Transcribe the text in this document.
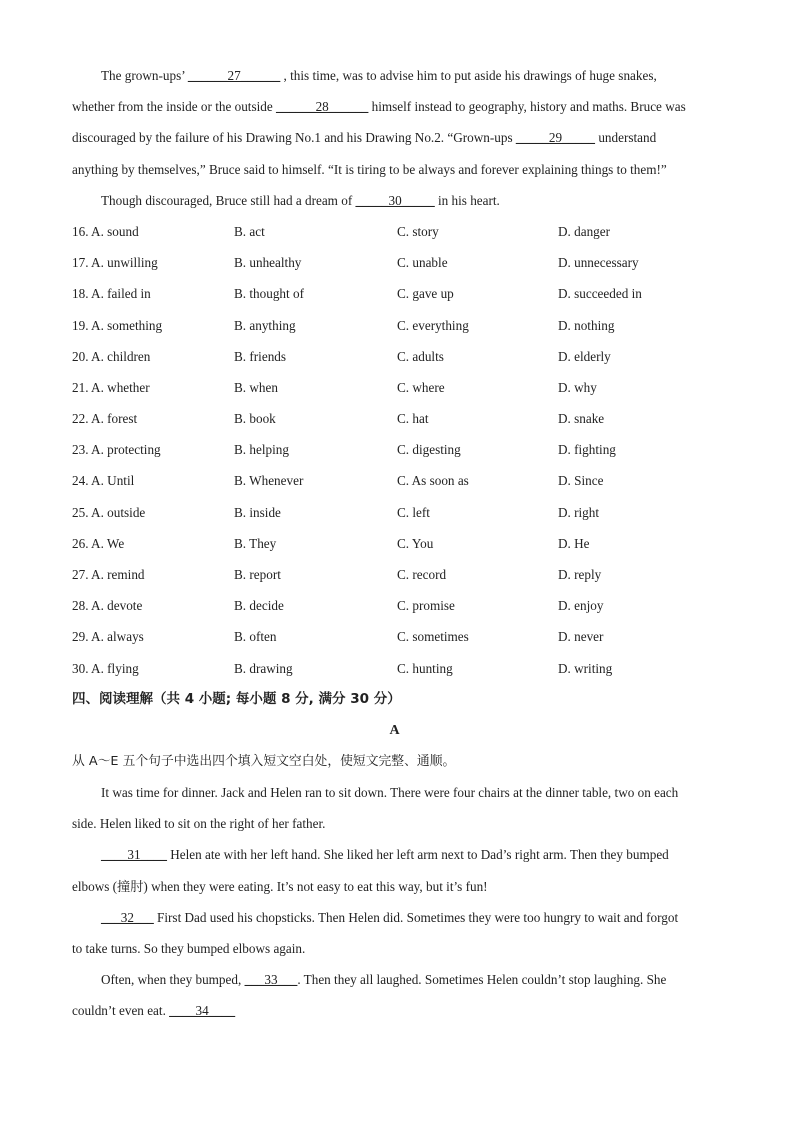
The grown-ups’ ______27______ , this time, was to advise him to put aside his drawings of huge snakes,
whether from the inside or the outside ______28______ himself instead to geography, history and maths. Bruce was
discouraged by the failure of his Drawing No.1 and his Drawing No.2. “Grown-ups _____29_____ understand
anything by themselves,” Bruce said to himself. “It is tiring to be always and forever explaining things to them!”
Though discouraged, Bruce still had a dream of _____30_____ in his heart.
16. A. sound	B. act	C. story	D. danger
17. A. unwilling	B. unhealthy	C. unable	D. unnecessary
18. A. failed in	B. thought of	C. gave up	D. succeeded in
19. A. something	B. anything	C. everything	D. nothing
20. A. children	B. friends	C. adults	D. elderly
21. A. whether	B. when	C. where	D. why
22. A. forest	B. book	C. hat	D. snake
23. A. protecting	B. helping	C. digesting	D. fighting
24. A. Until	B. Whenever	C. As soon as	D. Since
25. A. outside	B. inside	C. left	D. right
26. A. We	B. They	C. You	D. He
27. A. remind	B. report	C. record	D. reply
28. A. devote	B. decide	C. promise	D. enjoy
29. A. always	B. often	C. sometimes	D. never
30. A. flying	B. drawing	C. hunting	D. writing
四、阅读理解（共 4 小题; 每小题 8 分, 满分 30 分）
A
从 A～E 五个句子中选出四个填入短文空白处，使短文完整、通顺。
It was time for dinner. Jack and Helen ran to sit down. There were four chairs at the dinner table, two on each
side. Helen liked to sit on the right of her father.
____31____ Helen ate with her left hand. She liked her left arm next to Dad’s right arm. Then they bumped
elbows (撞肘) when they were eating. It’s not easy to eat this way, but it’s fun!
___32___ First Dad used his chopsticks. Then Helen did. Sometimes they were too hungry to wait and forgot
to take turns. So they bumped elbows again.
Often, when they bumped, ___33___. Then they all laughed. Sometimes Helen couldn’t stop laughing. She
couldn’t even eat. ____34____
